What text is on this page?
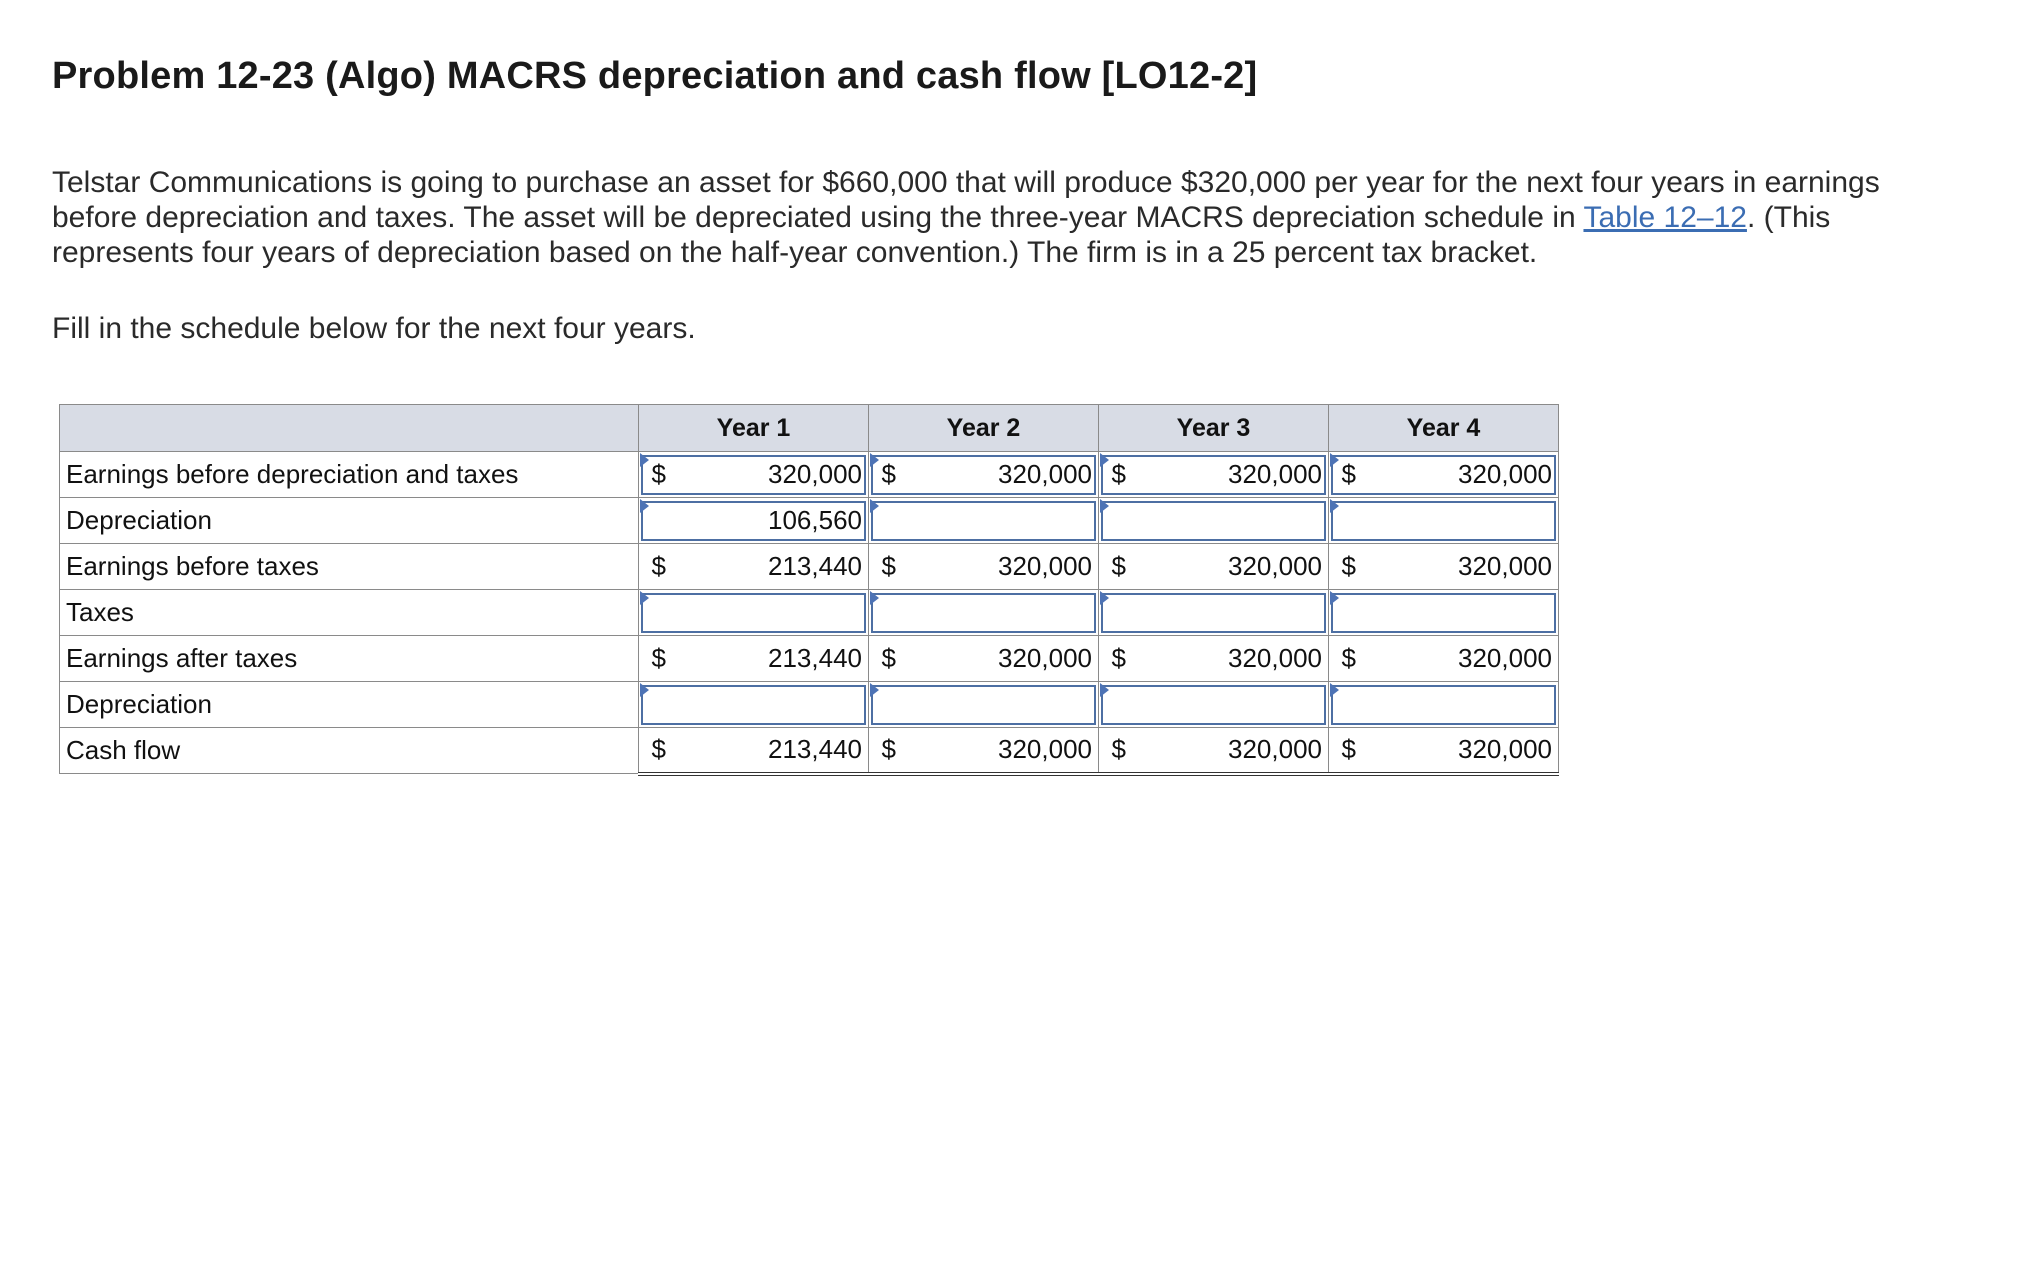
Problem 12-23 (Algo) MACRS depreciation and cash flow [LO12-2]
Telstar Communications is going to purchase an asset for $660,000 that will produce $320,000 per year for the next four years in earnings before depreciation and taxes. The asset will be depreciated using the three-year MACRS depreciation schedule in Table 12–12. (This represents four years of depreciation based on the half-year convention.) The firm is in a 25 percent tax bracket.
Fill in the schedule below for the next four years.
	Year 1		Year 2		Year 3		Year 4	
Earnings before depreciation and taxes	$	320,000	$	320,000	$	320,000	$	320,000
Depreciation		106,560						
Earnings before taxes	$	213,440	$	320,000	$	320,000	$	320,000
Taxes								
Earnings after taxes	$	213,440	$	320,000	$	320,000	$	320,000
Depreciation								
Cash flow	$	213,440	$	320,000	$	320,000	$	320,000
